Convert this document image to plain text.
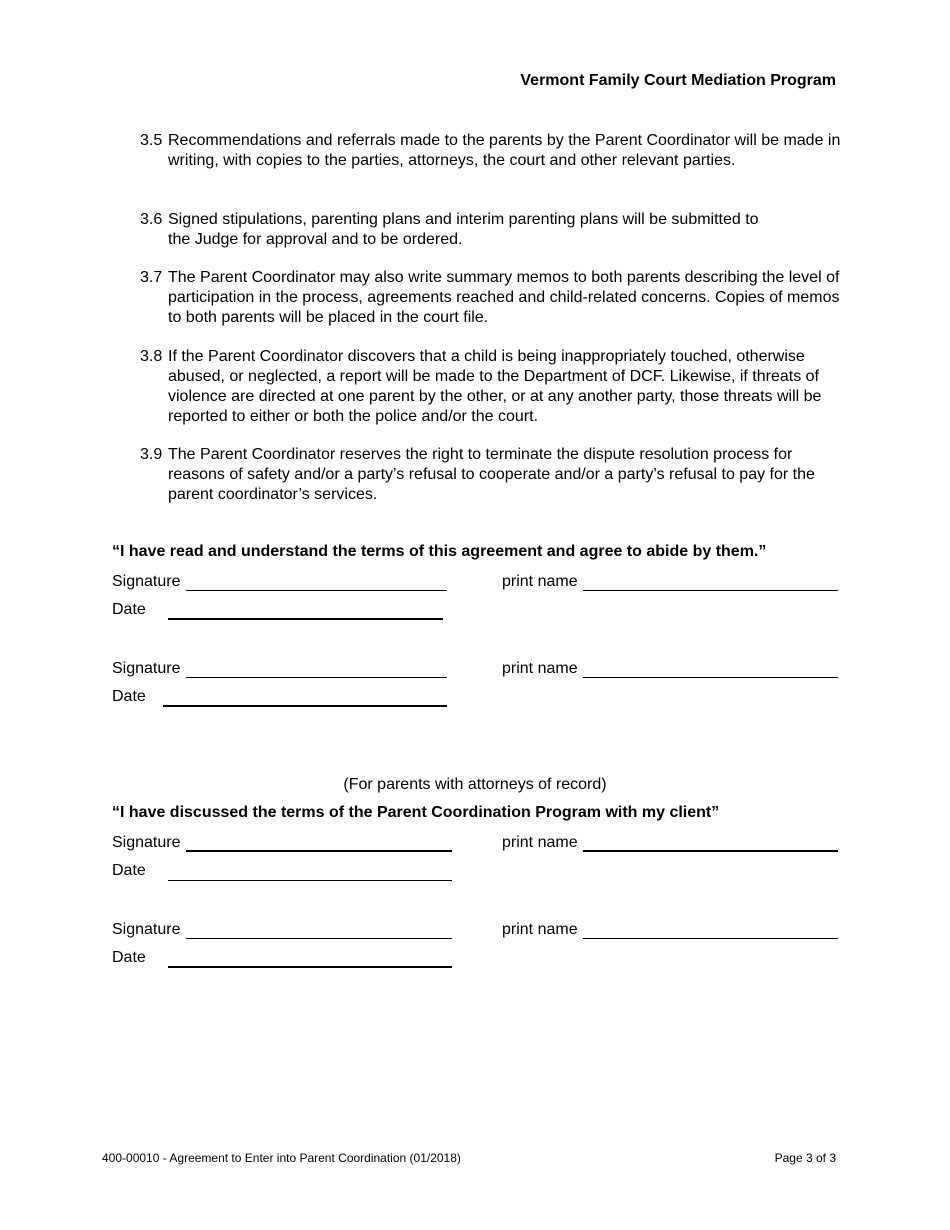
Vermont Family Court Mediation Program
3.5 Recommendations and referrals made to the parents by the Parent Coordinator will be made in writing, with copies to the parties, attorneys, the court and other relevant parties.
3.6 Signed stipulations, parenting plans and interim parenting plans will be submitted to the Judge for approval and to be ordered.
3.7 The Parent Coordinator may also write summary memos to both parents describing the level of participation in the process, agreements reached and child-related concerns. Copies of memos to both parents will be placed in the court file.
3.8 If the Parent Coordinator discovers that a child is being inappropriately touched, otherwise abused, or neglected, a report will be made to the Department of DCF. Likewise, if threats of violence are directed at one parent by the other, or at any another party, those threats will be reported to either or both the police and/or the court.
3.9 The Parent Coordinator reserves the right to terminate the dispute resolution process for reasons of safety and/or a party’s refusal to cooperate and/or a party’s refusal to pay for the parent coordinator’s services.
“I have read and understand the terms of this agreement and agree to abide by them.”
Signature	print name
Date
Signature	print name
Date
(For parents with attorneys of record)
“I have discussed the terms of the Parent Coordination Program with my client”
Signature	print name
Date
Signature	print name
Date
400-00010 - Agreement to Enter into Parent Coordination (01/2018)	Page 3 of 3
